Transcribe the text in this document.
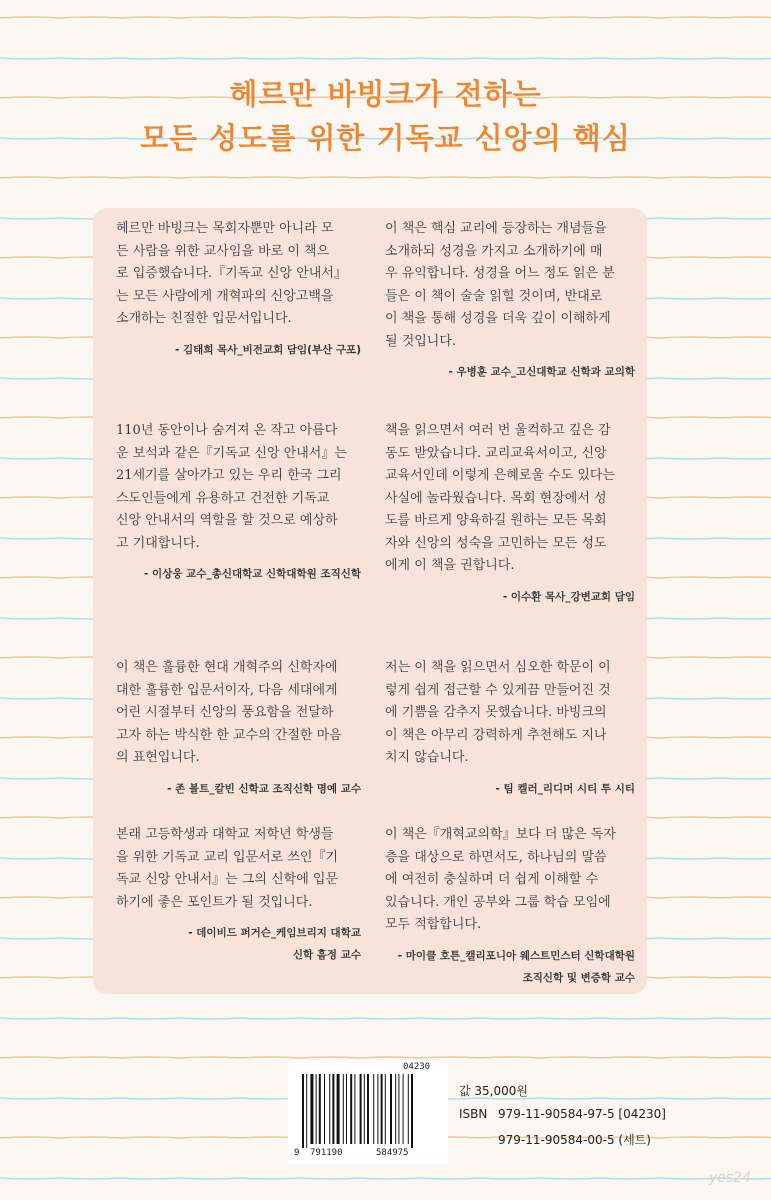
헤르만 바빙크가 전하는
모든 성도를 위한 기독교 신앙의 핵심

헤르만 바빙크는 목회자뿐만 아니라 모
든 사람을 위한 교사임을 바로 이 책으
로 입증했습니다.『기독교 신앙 안내서』
는 모든 사람에게 개혁파의 신앙고백을
소개하는 친절한 입문서입니다.

- 김태희 목사_비전교회 담임(부산 구포)

이 책은 핵심 교리에 등장하는 개념들을
소개하되 성경을 가지고 소개하기에 매
우 유익합니다. 성경을 어느 정도 읽은 분
들은 이 책이 술술 읽힐 것이며, 반대로
이 책을 통해 성경을 더욱 깊이 이해하게
될 것입니다.

- 우병훈 교수_고신대학교 신학과 교의학

110년 동안이나 숨겨져 온 작고 아름다
운 보석과 같은『기독교 신앙 안내서』는
21세기를 살아가고 있는 우리 한국 그리
스도인들에게 유용하고 건전한 기독교
신앙 안내서의 역할을 할 것으로 예상하
고 기대합니다.

- 이상웅 교수_총신대학교 신학대학원 조직신학

책을 읽으면서 여러 번 울컥하고 깊은 감
동도 받았습니다. 교리교육서이고, 신앙
교육서인데 이렇게 은혜로울 수도 있다는
사실에 놀라웠습니다. 목회 현장에서 성
도를 바르게 양육하길 원하는 모든 목회
자와 신앙의 성숙을 고민하는 모든 성도
에게 이 책을 권합니다.

- 이수환 목사_강변교회 담임

이 책은 훌륭한 현대 개혁주의 신학자에
대한 훌륭한 입문서이자, 다음 세대에게
어린 시절부터 신앙의 풍요함을 전달하
고자 하는 박식한 한 교수의 간절한 마음
의 표현입니다.

- 존 볼트_칼빈 신학교 조직신학 명예 교수

저는 이 책을 읽으면서 심오한 학문이 이
렇게 쉽게 접근할 수 있게끔 만들어진 것
에 기쁨을 감추지 못했습니다. 바빙크의
이 책은 아무리 강력하게 추천해도 지나
치지 않습니다.

- 팀 켈러_리디머 시티 투 시티

본래 고등학생과 대학교 저학년 학생들
을 위한 기독교 교리 입문서로 쓰인『기
독교 신앙 안내서』는 그의 신학에 입문
하기에 좋은 포인트가 될 것입니다.

- 데이비드 퍼거슨_케임브리지 대학교
신학 흠정 교수

이 책은『개혁교의학』보다 더 많은 독자
층을 대상으로 하면서도, 하나님의 말씀
에 여전히 충실하며 더 쉽게 이해할 수
있습니다. 개인 공부와 그룹 학습 모임에
모두 적합합니다.

- 마이클 호튼_캘리포니아 웨스트민스터 신학대학원
조직신학 및 변증학 교수
04230
9 791190	584975
값 35,000원
ISBN 979-11-90584-97-5 [04230]
979-11-90584-00-5 (세트)
yes24
